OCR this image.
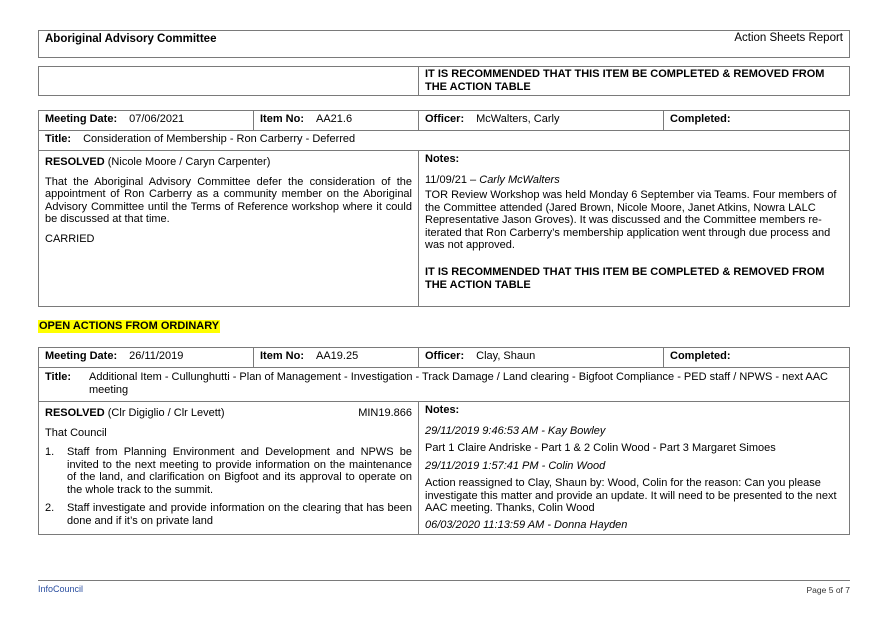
Aboriginal Advisory Committee	Action Sheets Report
IT IS RECOMMENDED THAT THIS ITEM BE COMPLETED & REMOVED FROM THE ACTION TABLE
Meeting Date: 07/06/2021	Item No: AA21.6	Officer: McWalters, Carly	Completed:
Title: Consideration of Membership - Ron Carberry - Deferred
RESOLVED (Nicole Moore / Caryn Carpenter)
That the Aboriginal Advisory Committee defer the consideration of the appointment of Ron Carberry as a community member on the Aboriginal Advisory Committee until the Terms of Reference workshop where it could be discussed at that time.
CARRIED
Notes:
11/09/21 – Carly McWalters
TOR Review Workshop was held Monday 6 September via Teams. Four members of the Committee attended (Jared Brown, Nicole Moore, Janet Atkins, Nowra LALC Representative Jason Groves). It was discussed and the Committee members re-iterated that Ron Carberry’s membership application went through due process and was not approved.
IT IS RECOMMENDED THAT THIS ITEM BE COMPLETED & REMOVED FROM THE ACTION TABLE
OPEN ACTIONS FROM ORDINARY
Meeting Date: 26/11/2019	Item No: AA19.25	Officer: Clay, Shaun	Completed:
Title: Additional Item - Cullunghutti - Plan of Management - Investigation - Track Damage / Land clearing - Bigfoot Compliance - PED staff / NPWS - next AAC meeting
RESOLVED (Clr Digiglio / Clr Levett)	MIN19.866
That Council
1. Staff from Planning Environment and Development and NPWS be invited to the next meeting to provide information on the maintenance of the land, and clarification on Bigfoot and its approval to operate on the whole track to the summit.
2. Staff investigate and provide information on the clearing that has been done and if it’s on private land
Notes:
29/11/2019 9:46:53 AM - Kay Bowley
Part 1 Claire Andriske - Part 1 & 2 Colin Wood - Part 3 Margaret Simoes
29/11/2019 1:57:41 PM - Colin Wood
Action reassigned to Clay, Shaun by: Wood, Colin for the reason: Can you please investigate this matter and provide an update. It will need to be presented to the next AAC meeting. Thanks, Colin Wood
06/03/2020 11:13:59 AM - Donna Hayden
InfoCouncil	Page 5 of 7
